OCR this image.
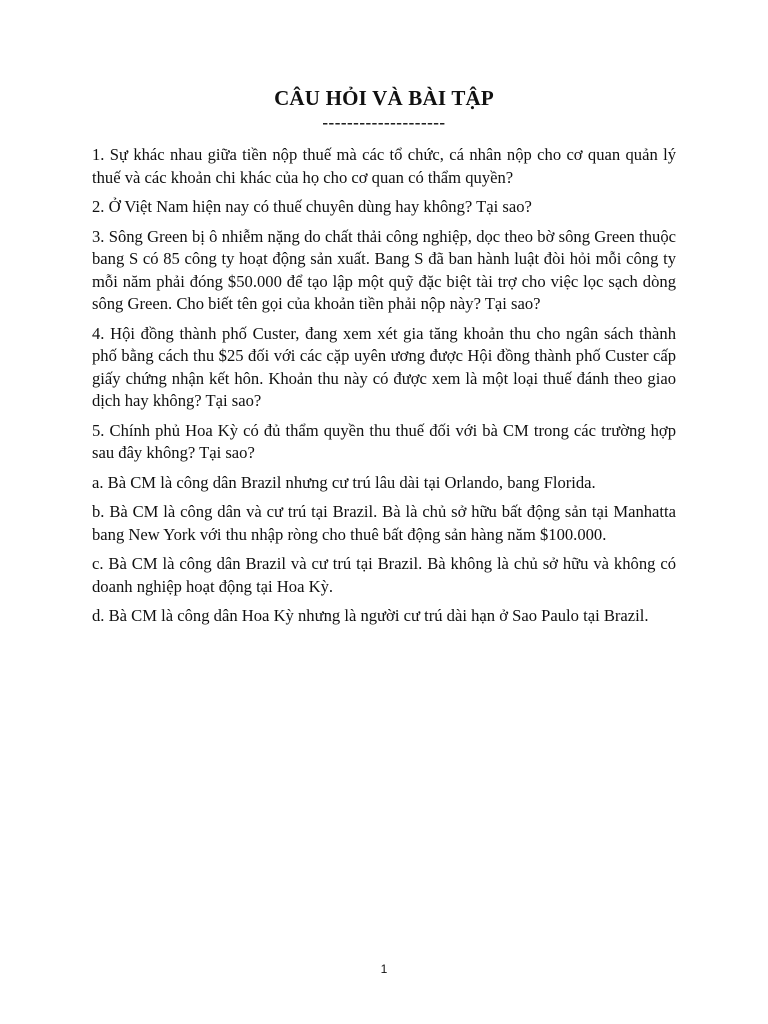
CÂU HỎI VÀ BÀI TẬP
--------------------

1. Sự khác nhau giữa tiền nộp thuế mà các tổ chức, cá nhân nộp cho cơ quan quản lý thuế và các khoản chi khác của họ cho cơ quan có thẩm quyền?

2. Ở Việt Nam hiện nay có thuế chuyên dùng hay không? Tại sao?

3. Sông Green bị ô nhiễm nặng do chất thải công nghiệp, dọc theo bờ sông Green thuộc bang S có 85 công ty hoạt động sản xuất. Bang S đã ban hành luật đòi hỏi mỗi công ty mỗi năm phải đóng $50.000 để tạo lập một quỹ đặc biệt tài trợ cho việc lọc sạch dòng sông Green. Cho biết tên gọi của khoản tiền phải nộp này? Tại sao?

4. Hội đồng thành phố Custer, đang xem xét gia tăng khoản thu cho ngân sách thành phố bằng cách thu $25 đối với các cặp uyên ương được Hội đồng thành phố Custer cấp giấy chứng nhận kết hôn. Khoản thu này có được xem là một loại thuế đánh theo giao dịch hay không? Tại sao?

5. Chính phủ Hoa Kỳ có đủ thẩm quyền thu thuế đối với bà CM trong các trường hợp sau đây không? Tại sao?

a. Bà CM là công dân Brazil nhưng cư trú lâu dài tại Orlando, bang Florida.

b. Bà CM là công dân và cư trú tại Brazil. Bà là chủ sở hữu bất động sản tại Manhatta bang New York với thu nhập ròng cho thuê bất động sản hàng năm $100.000.

c. Bà CM là công dân Brazil và cư trú tại Brazil. Bà không là chủ sở hữu và không có doanh nghiệp hoạt động tại Hoa Kỳ.

d. Bà CM là công dân Hoa Kỳ nhưng là người cư trú dài hạn ở Sao Paulo tại Brazil.

1
